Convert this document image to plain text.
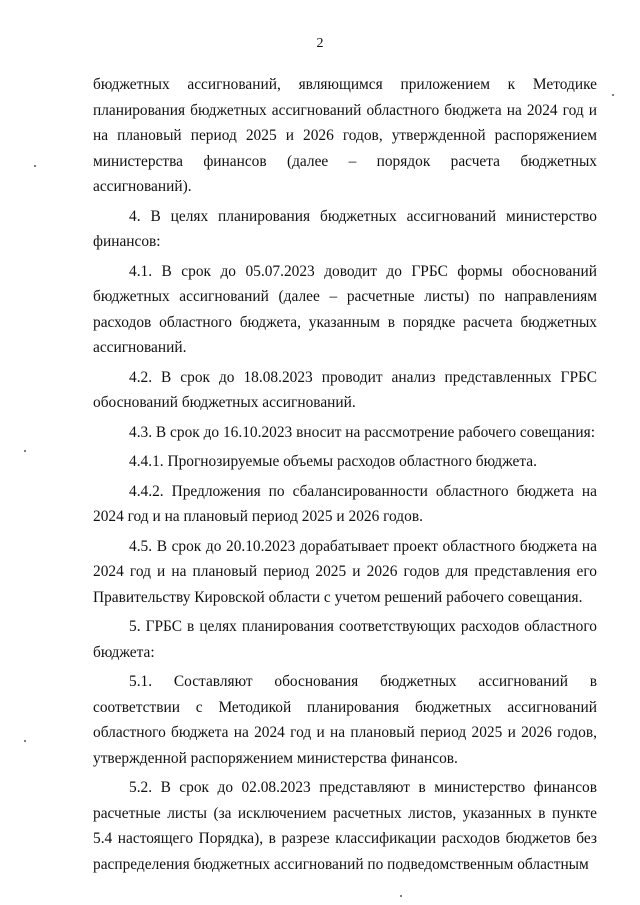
2

бюджетных ассигнований, являющимся приложением к Методике планирования бюджетных ассигнований областного бюджета на 2024 год и на плановый период 2025 и 2026 годов, утвержденной распоряжением министерства финансов (далее – порядок расчета бюджетных ассигнований).

4. В целях планирования бюджетных ассигнований министерство финансов:

4.1. В срок до 05.07.2023 доводит до ГРБС формы обоснований бюджетных ассигнований (далее – расчетные листы) по направлениям расходов областного бюджета, указанным в порядке расчета бюджетных ассигнований.

4.2. В срок до 18.08.2023 проводит анализ представленных ГРБС обоснований бюджетных ассигнований.

4.3. В срок до 16.10.2023 вносит на рассмотрение рабочего совещания:

4.4.1. Прогнозируемые объемы расходов областного бюджета.

4.4.2. Предложения по сбалансированности областного бюджета на 2024 год и на плановый период 2025 и 2026 годов.

4.5. В срок до 20.10.2023 дорабатывает проект областного бюджета на 2024 год и на плановый период 2025 и 2026 годов для представления его Правительству Кировской области с учетом решений рабочего совещания.

5. ГРБС в целях планирования соответствующих расходов областного бюджета:

5.1. Составляют обоснования бюджетных ассигнований в соответствии с Методикой планирования бюджетных ассигнований областного бюджета на 2024 год и на плановый период 2025 и 2026 годов, утвержденной распоряжением министерства финансов.

5.2. В срок до 02.08.2023 представляют в министерство финансов расчетные листы (за исключением расчетных листов, указанных в пункте 5.4 настоящего Порядка), в разрезе классификации расходов бюджетов без распределения бюджетных ассигнований по подведомственным областным
